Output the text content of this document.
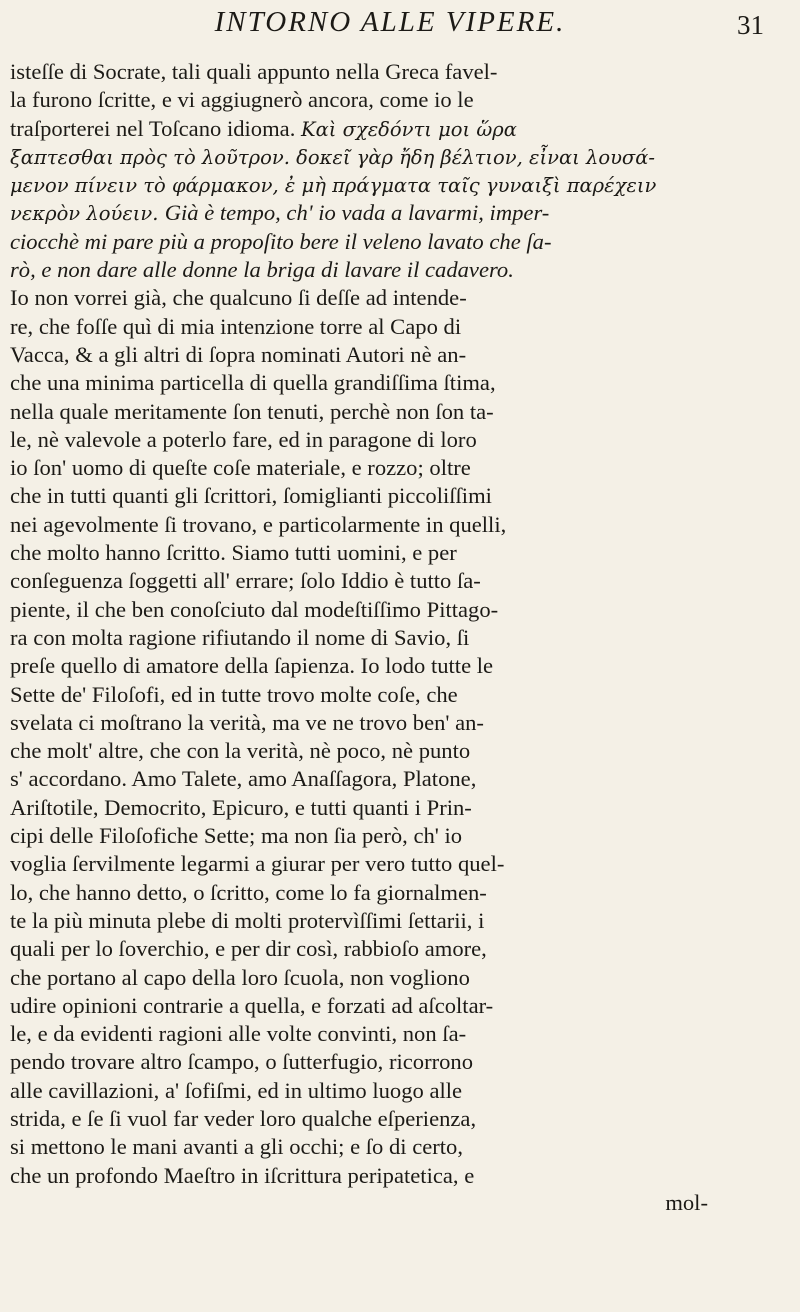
INTORNO ALLE VIPERE.	31
isteſſe di Socrate, tali quali appunto nella Greca favel-
la furono ſcritte, e vi aggiugnerò ancora, come io le
traſporterei nel Toſcano idioma. Καὶ σχεδόντι μοι ὥρα
ξαπτεσθαι πρὸς τὸ λοῦτρον. δοκεῖ γὰρ ἤδη βέλτιον, εἶναι λουσά-
μενον πίνειν τὸ φάρμακον, ἐ μὴ πράγματα ταῖς γυναιξὶ παρέχειν
νεκρὸν λούειν. Già è tempo, ch' io vada a lavarmi, imper-
ciocchè mi pare più a propoſito bere il veleno lavato che ſa-
rò, e non dare alle donne la briga di lavare il cadavero.
Io non vorrei già, che qualcuno ſi deſſe ad intende-
re, che foſſe quì di mia intenzione torre al Capo di
Vacca, & a gli altri di ſopra nominati Autori nè an-
che una minima particella di quella grandiſſima ſtima,
nella quale meritamente ſon tenuti, perchè non ſon ta-
le, nè valevole a poterlo fare, ed in paragone di loro
io ſon' uomo di queſte coſe materiale, e rozzo; oltre
che in tutti quanti gli ſcrittori, ſomiglianti piccoliſſimi
nei agevolmente ſi trovano, e particolarmente in quelli,
che molto hanno ſcritto. Siamo tutti uomini, e per
conſeguenza ſoggetti all' errare; ſolo Iddio è tutto ſa-
piente, il che ben conoſciuto dal modeſtiſſimo Pittago-
ra con molta ragione rifiutando il nome di Savio, ſi
preſe quello di amatore della ſapienza. Io lodo tutte le
Sette de' Filoſofi, ed in tutte trovo molte coſe, che
svelata ci moſtrano la verità, ma ve ne trovo ben' an-
che molt' altre, che con la verità, nè poco, nè punto
s' accordano. Amo Talete, amo Anaſſagora, Platone,
Ariſtotile, Democrito, Epicuro, e tutti quanti i Prin-
cipi delle Filoſofiche Sette; ma non ſia però, ch' io
voglia ſervilmente legarmi a giurar per vero tutto quel-
lo, che hanno detto, o ſcritto, come lo fa giornalmen-
te la più minuta plebe di molti protervìſſimi ſettarii, i
quali per lo ſoverchio, e per dir così, rabbioſo amore,
che portano al capo della loro ſcuola, non vogliono
udire opinioni contrarie a quella, e forzati ad aſcoltar-
le, e da evidenti ragioni alle volte convinti, non ſa-
pendo trovare altro ſcampo, o ſutterfugio, ricorrono
alle cavillazioni, a' ſofiſmi, ed in ultimo luogo alle
strida, e ſe ſi vuol far veder loro qualche eſperienza,
si mettono le mani avanti a gli occhi; e ſo di certo,
che un profondo Maeſtro in iſcrittura peripatetica, e
mol-
